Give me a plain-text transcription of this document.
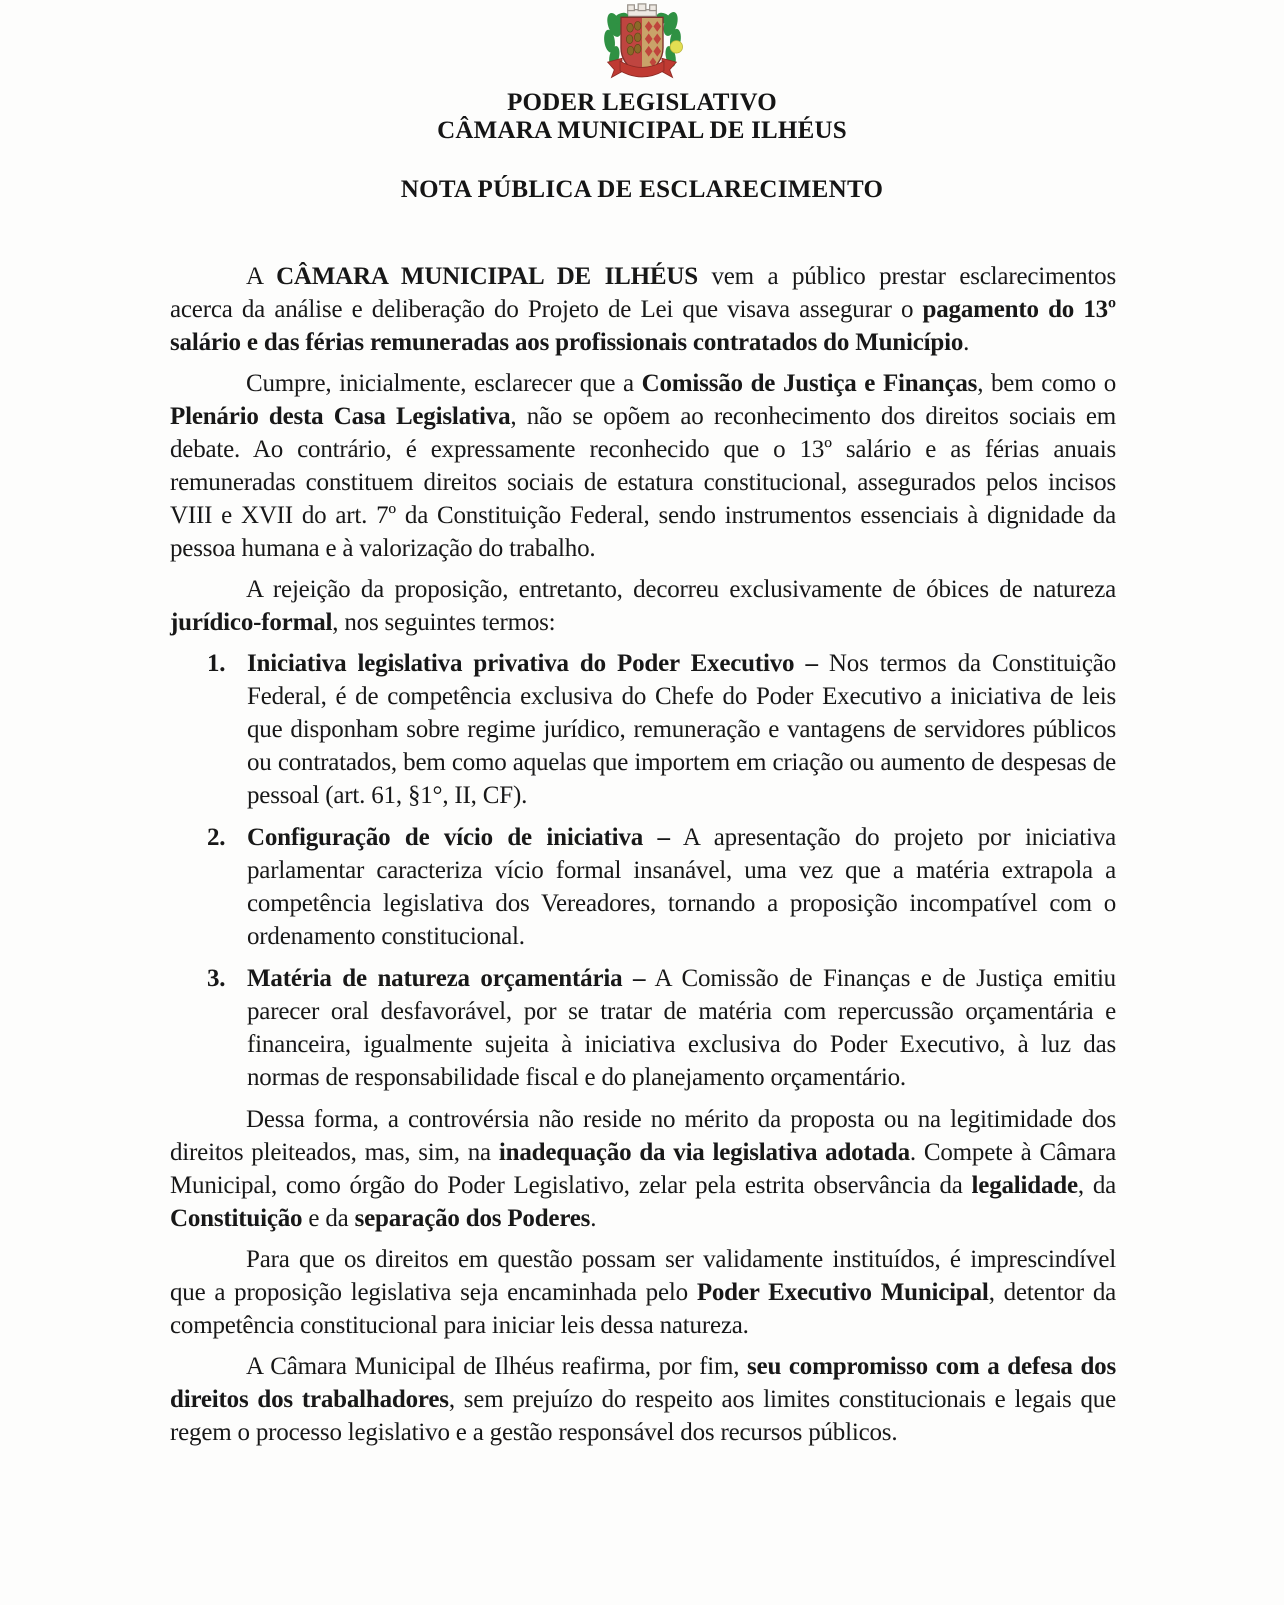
PODER LEGISLATIVO
CÂMARA MUNICIPAL DE ILHÉUS
NOTA PÚBLICA DE ESCLARECIMENTO

A CÂMARA MUNICIPAL DE ILHÉUS vem a público prestar esclarecimentos acerca da análise e deliberação do Projeto de Lei que visava assegurar o pagamento do 13º salário e das férias remuneradas aos profissionais contratados do Município.

Cumpre, inicialmente, esclarecer que a Comissão de Justiça e Finanças, bem como o Plenário desta Casa Legislativa, não se opõem ao reconhecimento dos direitos sociais em debate. Ao contrário, é expressamente reconhecido que o 13º salário e as férias anuais remuneradas constituem direitos sociais de estatura constitucional, assegurados pelos incisos VIII e XVII do art. 7º da Constituição Federal, sendo instrumentos essenciais à dignidade da pessoa humana e à valorização do trabalho.

A rejeição da proposição, entretanto, decorreu exclusivamente de óbices de natureza jurídico-formal, nos seguintes termos:

1. Iniciativa legislativa privativa do Poder Executivo – Nos termos da Constituição Federal, é de competência exclusiva do Chefe do Poder Executivo a iniciativa de leis que disponham sobre regime jurídico, remuneração e vantagens de servidores públicos ou contratados, bem como aquelas que importem em criação ou aumento de despesas de pessoal (art. 61, §1°, II, CF).

2. Configuração de vício de iniciativa – A apresentação do projeto por iniciativa parlamentar caracteriza vício formal insanável, uma vez que a matéria extrapola a competência legislativa dos Vereadores, tornando a proposição incompatível com o ordenamento constitucional.

3. Matéria de natureza orçamentária – A Comissão de Finanças e de Justiça emitiu parecer oral desfavorável, por se tratar de matéria com repercussão orçamentária e financeira, igualmente sujeita à iniciativa exclusiva do Poder Executivo, à luz das normas de responsabilidade fiscal e do planejamento orçamentário.

Dessa forma, a controvérsia não reside no mérito da proposta ou na legitimidade dos direitos pleiteados, mas, sim, na inadequação da via legislativa adotada. Compete à Câmara Municipal, como órgão do Poder Legislativo, zelar pela estrita observância da legalidade, da Constituição e da separação dos Poderes.

Para que os direitos em questão possam ser validamente instituídos, é imprescindível que a proposição legislativa seja encaminhada pelo Poder Executivo Municipal, detentor da competência constitucional para iniciar leis dessa natureza.

A Câmara Municipal de Ilhéus reafirma, por fim, seu compromisso com a defesa dos direitos dos trabalhadores, sem prejuízo do respeito aos limites constitucionais e legais que regem o processo legislativo e a gestão responsável dos recursos públicos.
